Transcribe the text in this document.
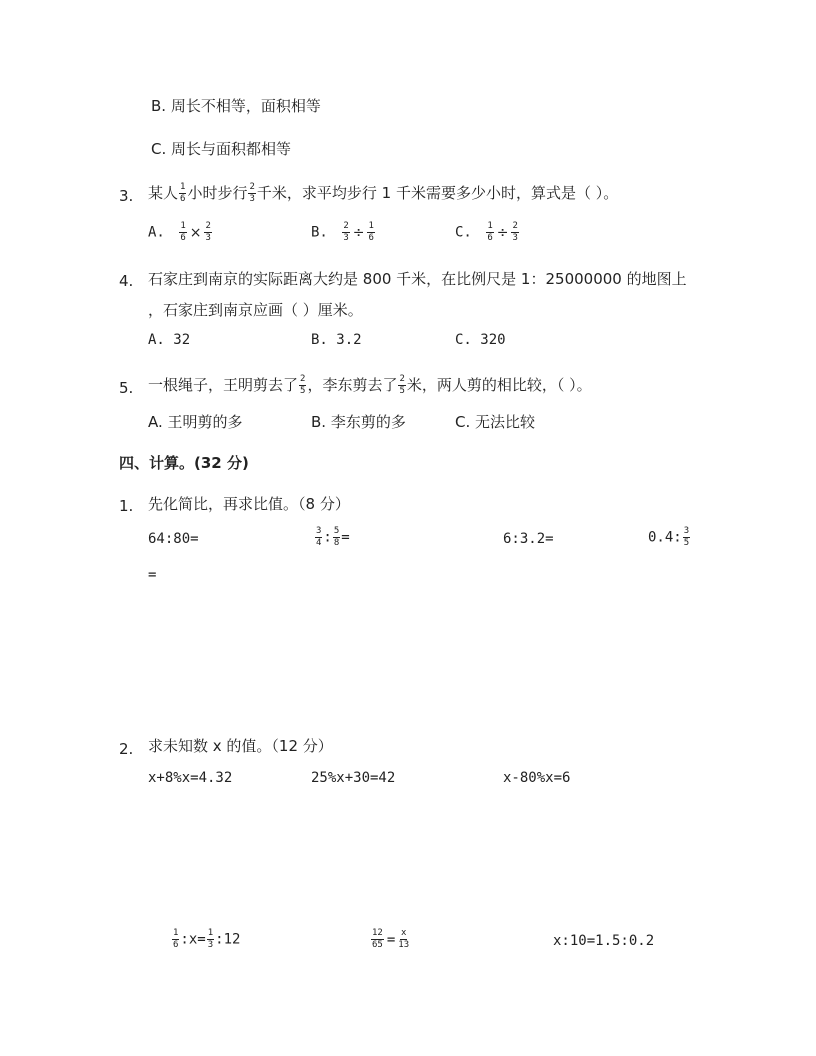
B. 周长不相等，面积相等
C. 周长与面积都相等
3. 某人 $\frac{1}{6}$ 小时步行 $\frac{2}{3}$ 千米，求平均步行 1 千米需要多少小时，算式是（ ）。
A. $\frac{1}{6} \times \frac{2}{3}$	B. $\frac{2}{3} \div \frac{1}{6}$	C. $\frac{1}{6} \div \frac{2}{3}$
4. 石家庄到南京的实际距离大约是 800 千米，在比例尺是 1：25000000 的地图上
，石家庄到南京应画（ ）厘米。
A. 32	B. 3.2	C. 320
5. 一根绳子，王明剪去了 $\frac{2}{5}$ ，李东剪去了 $\frac{2}{5}$ 米，两人剪的相比较，（ ）。
A. 王明剪的多	B. 李东剪的多	C. 无法比较
四、计算。(32 分)
1. 先化简比，再求比值。（8 分）
64:80=	$\frac{3}{4}$ : $\frac{5}{8}$ =	6:3.2=	0.4: $\frac{3}{5}$
=
2. 求未知数 x 的值。（12 分）
x+8%x=4.32	25%x+30=42	x-80%x=6
$\frac{1}{6}$ :x= $\frac{1}{3}$ :12	$\frac{12}{65} = \frac{x}{13}$	x:10=1.5:0.2
